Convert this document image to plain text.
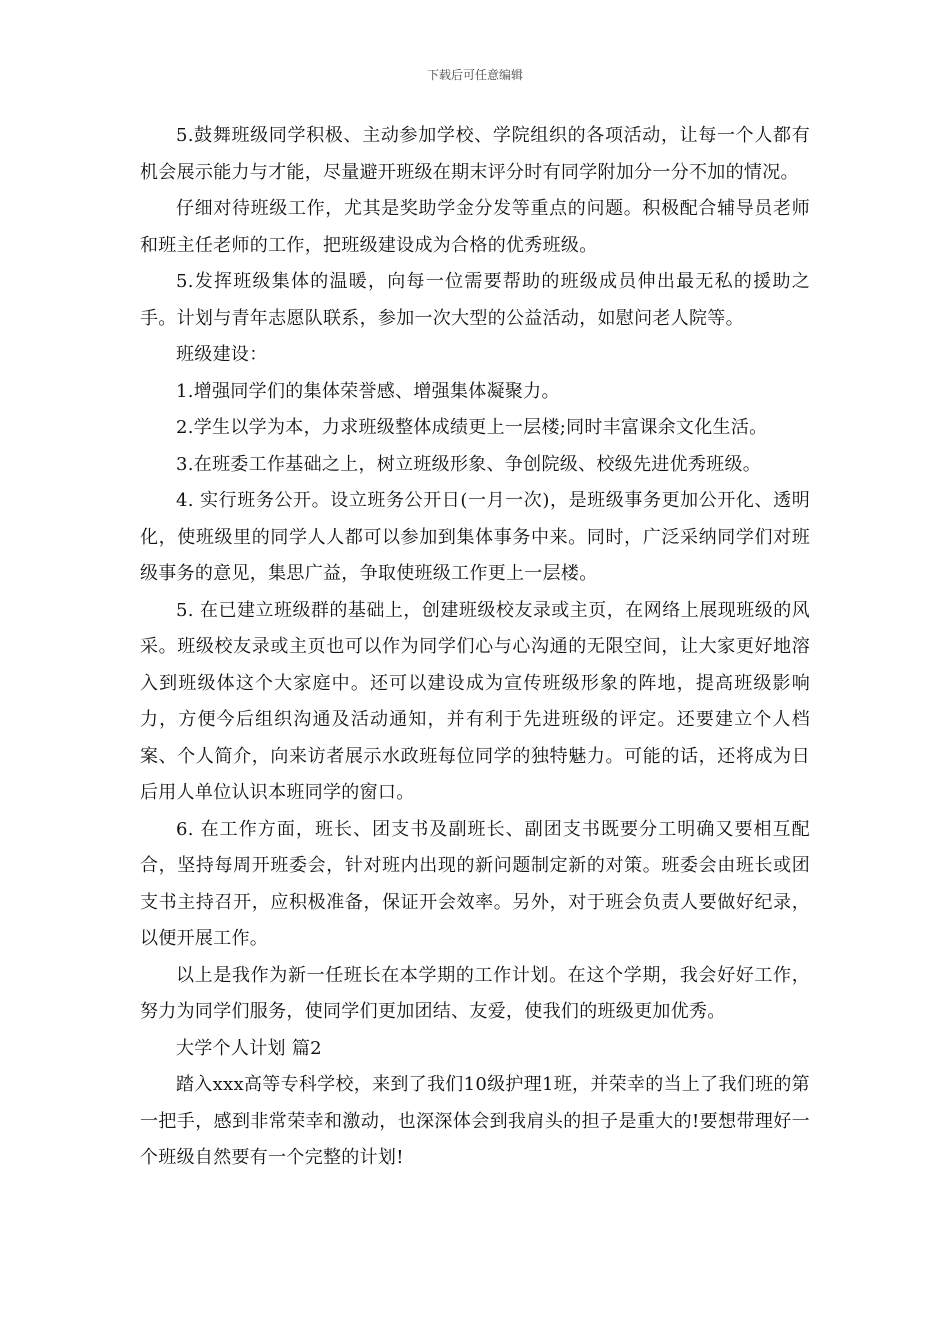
下载后可任意编辑

5.鼓舞班级同学积极、主动参加学校、学院组织的各项活动，让每一个人都有机会展示能力与才能，尽量避开班级在期末评分时有同学附加分一分不加的情况。

仔细对待班级工作，尤其是奖助学金分发等重点的问题。积极配合辅导员老师和班主任老师的工作，把班级建设成为合格的优秀班级。

5.发挥班级集体的温暖，向每一位需要帮助的班级成员伸出最无私的援助之手。计划与青年志愿队联系，参加一次大型的公益活动，如慰问老人院等。

班级建设：

1.增强同学们的集体荣誉感、增强集体凝聚力。

2.学生以学为本，力求班级整体成绩更上一层楼;同时丰富课余文化生活。

3.在班委工作基础之上，树立班级形象、争创院级、校级先进优秀班级。

4. 实行班务公开。设立班务公开日(一月一次)，是班级事务更加公开化、透明化，使班级里的同学人人都可以参加到集体事务中来。同时，广泛采纳同学们对班级事务的意见，集思广益，争取使班级工作更上一层楼。

5. 在已建立班级群的基础上，创建班级校友录或主页，在网络上展现班级的风采。班级校友录或主页也可以作为同学们心与心沟通的无限空间，让大家更好地溶入到班级体这个大家庭中。还可以建设成为宣传班级形象的阵地，提高班级影响力，方便今后组织沟通及活动通知，并有利于先进班级的评定。还要建立个人档案、个人简介，向来访者展示水政班每位同学的独特魅力。可能的话，还将成为日后用人单位认识本班同学的窗口。

6. 在工作方面，班长、团支书及副班长、副团支书既要分工明确又要相互配合，坚持每周开班委会，针对班内出现的新问题制定新的对策。班委会由班长或团支书主持召开，应积极准备，保证开会效率。另外，对于班会负责人要做好纪录，以便开展工作。

以上是我作为新一任班长在本学期的工作计划。在这个学期，我会好好工作，努力为同学们服务，使同学们更加团结、友爱，使我们的班级更加优秀。

大学个人计划 篇2

踏入xxx高等专科学校，来到了我们10级护理1班，并荣幸的当上了我们班的第一把手，感到非常荣幸和激动，也深深体会到我肩头的担子是重大的!要想带理好一个班级自然要有一个完整的计划!
